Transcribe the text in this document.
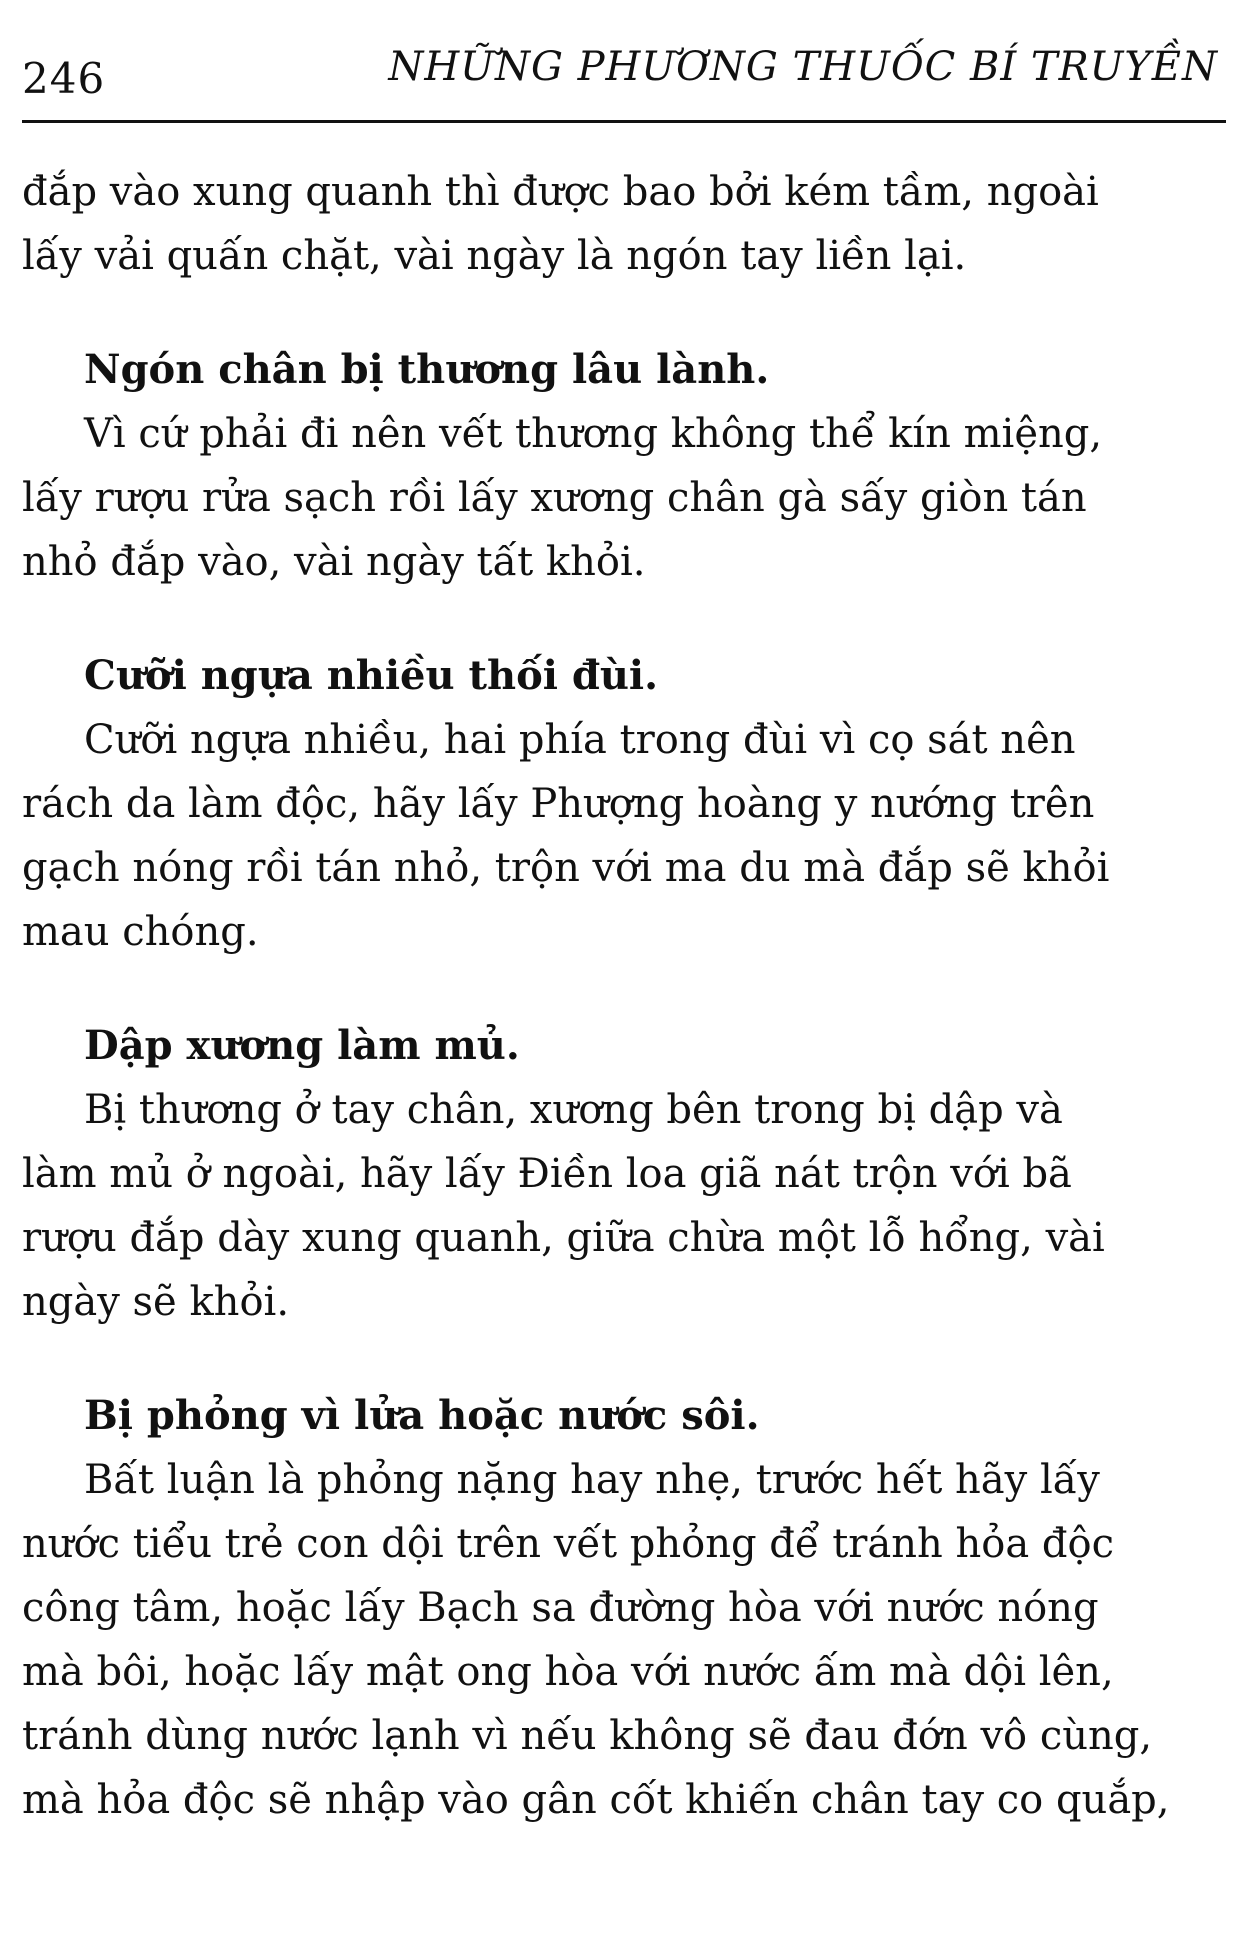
246	NHỮNG PHƯƠNG THUỐC BÍ TRUYỀN

đắp vào xung quanh thì được bao bởi kém tầm, ngoài
lấy vải quấn chặt, vài ngày là ngón tay liền lại.

Ngón chân bị thương lâu lành.

Vì cứ phải đi nên vết thương không thể kín miệng,
lấy rượu rửa sạch rồi lấy xương chân gà sấy giòn tán
nhỏ đắp vào, vài ngày tất khỏi.

Cưỡi ngựa nhiều thối đùi.

Cưỡi ngựa nhiều, hai phía trong đùi vì cọ sát nên
rách da làm độc, hãy lấy Phượng hoàng y nướng trên
gạch nóng rồi tán nhỏ, trộn với ma du mà đắp sẽ khỏi
mau chóng.

Dập xương làm mủ.

Bị thương ở tay chân, xương bên trong bị dập và
làm mủ ở ngoài, hãy lấy Điền loa giã nát trộn với bã
rượu đắp dày xung quanh, giữa chừa một lỗ hổng, vài
ngày sẽ khỏi.

Bị phỏng vì lửa hoặc nước sôi.

Bất luận là phỏng nặng hay nhẹ, trước hết hãy lấy
nước tiểu trẻ con dội trên vết phỏng để tránh hỏa độc
công tâm, hoặc lấy Bạch sa đường hòa với nước nóng
mà bôi, hoặc lấy mật ong hòa với nước ấm mà dội lên,
tránh dùng nước lạnh vì nếu không sẽ đau đớn vô cùng,
mà hỏa độc sẽ nhập vào gân cốt khiến chân tay co quắp,
